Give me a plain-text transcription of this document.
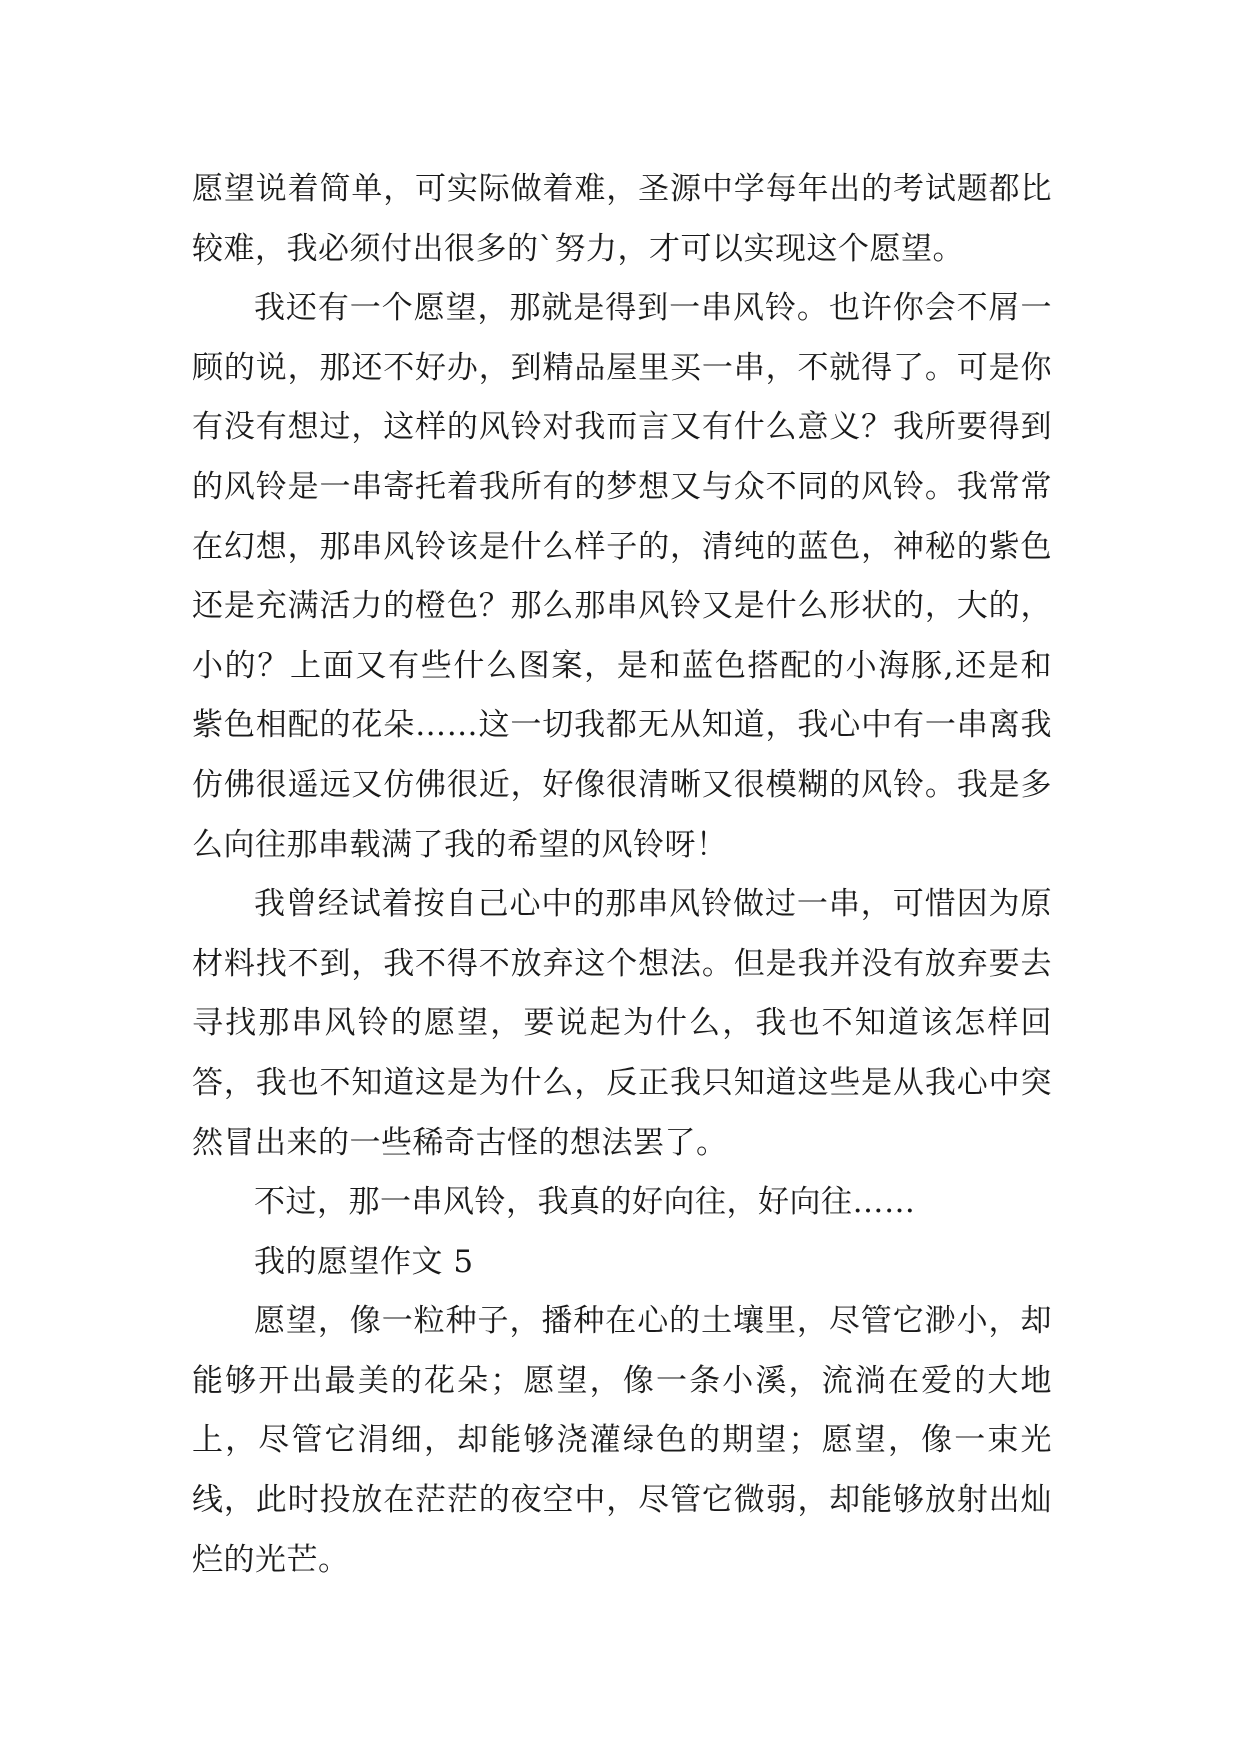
愿望说着简单，可实际做着难，圣源中学每年出的考试题都比较难，我必须付出很多的`努力，才可以实现这个愿望。

我还有一个愿望，那就是得到一串风铃。也许你会不屑一顾的说，那还不好办，到精品屋里买一串，不就得了。可是你有没有想过，这样的风铃对我而言又有什么意义？我所要得到的风铃是一串寄托着我所有的梦想又与众不同的风铃。我常常在幻想，那串风铃该是什么样子的，清纯的蓝色，神秘的紫色还是充满活力的橙色？那么那串风铃又是什么形状的，大的，小的？上面又有些什么图案，是和蓝色搭配的小海豚,还是和紫色相配的花朵……这一切我都无从知道，我心中有一串离我仿佛很遥远又仿佛很近，好像很清晰又很模糊的风铃。我是多么向往那串载满了我的希望的风铃呀！

我曾经试着按自己心中的那串风铃做过一串，可惜因为原材料找不到，我不得不放弃这个想法。但是我并没有放弃要去寻找那串风铃的愿望，要说起为什么，我也不知道该怎样回答，我也不知道这是为什么，反正我只知道这些是从我心中突然冒出来的一些稀奇古怪的想法罢了。

不过，那一串风铃，我真的好向往，好向往……

我的愿望作文 5

愿望，像一粒种子，播种在心的土壤里，尽管它渺小，却能够开出最美的花朵；愿望，像一条小溪，流淌在爱的大地上，尽管它涓细，却能够浇灌绿色的期望；愿望，像一束光线，此时投放在茫茫的夜空中，尽管它微弱，却能够放射出灿烂的光芒。
